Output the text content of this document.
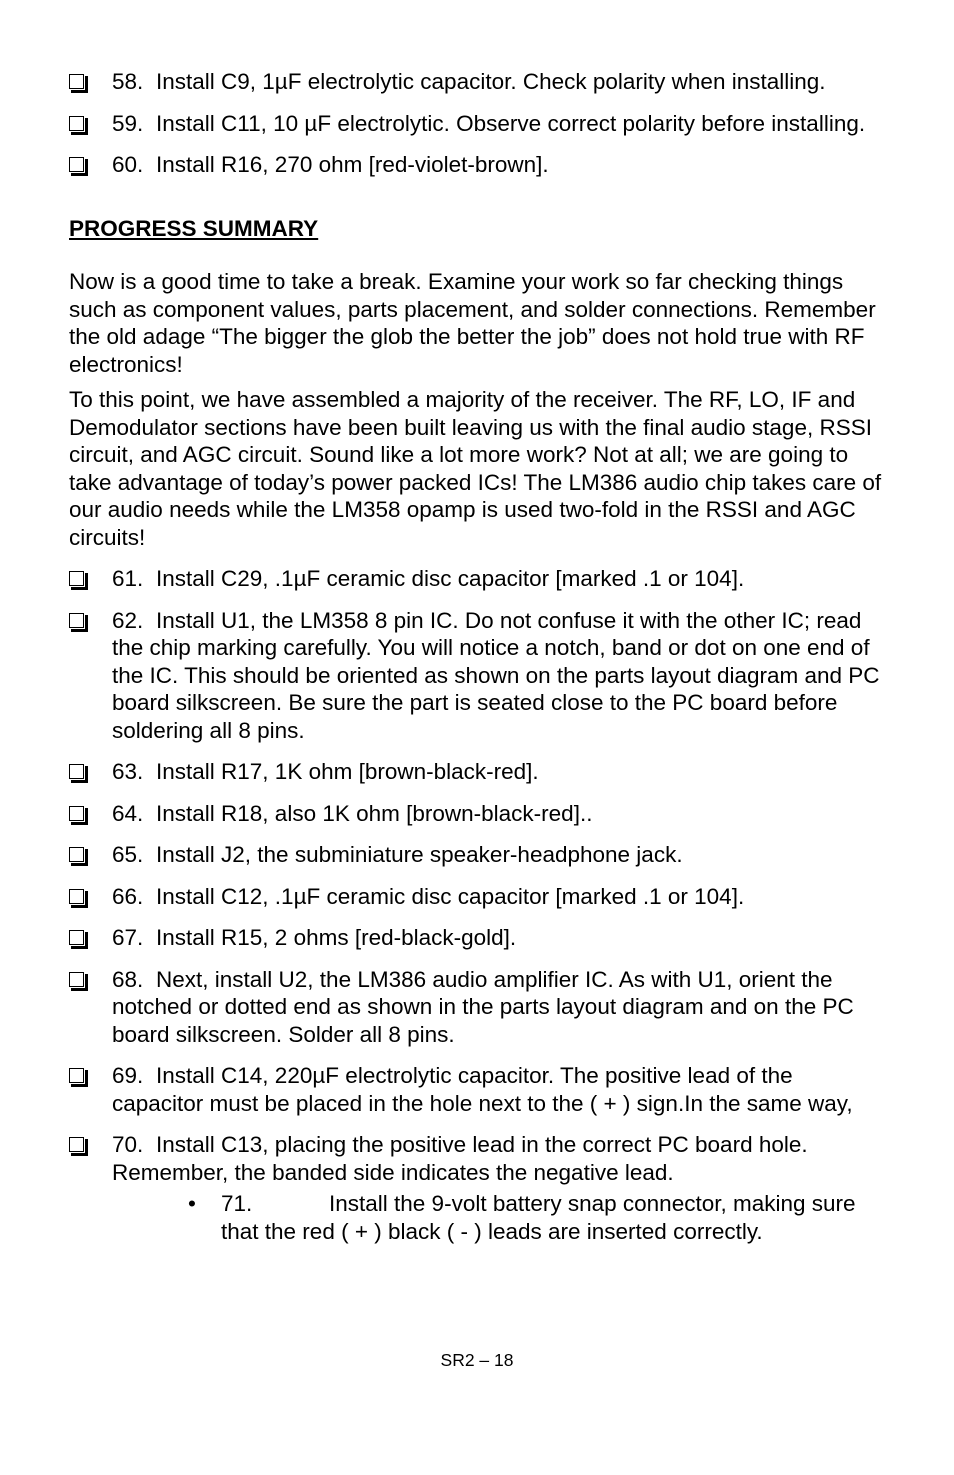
58. Install C9, 1µF electrolytic capacitor. Check polarity when installing.
59. Install C11, 10 µF electrolytic. Observe correct polarity before installing.
60. Install R16, 270 ohm [red-violet-brown].
PROGRESS SUMMARY
Now is a good time to take a break. Examine your work so far checking things such as component values, parts placement, and solder connections. Remember the old adage “The bigger the glob the better the job” does not hold true with RF electronics!
To this point, we have assembled a majority of the receiver. The RF, LO, IF and Demodulator sections have been built leaving us with the final audio stage, RSSI circuit, and AGC circuit. Sound like a lot more work? Not at all; we are going to take advantage of today’s power packed ICs! The LM386 audio chip takes care of our audio needs while the LM358 opamp is used two-fold in the RSSI and AGC circuits!
61. Install C29, .1µF ceramic disc capacitor [marked .1 or 104].
62. Install U1, the LM358 8 pin IC. Do not confuse it with the other IC; read the chip marking carefully. You will notice a notch, band or dot on one end of the IC. This should be oriented as shown on the parts layout diagram and PC board silkscreen. Be sure the part is seated close to the PC board before soldering all 8 pins.
63. Install R17, 1K ohm [brown-black-red].
64. Install R18, also 1K ohm [brown-black-red]..
65. Install J2, the subminiature speaker-headphone jack.
66. Install C12, .1µF ceramic disc capacitor [marked .1 or 104].
67. Install R15, 2 ohms [red-black-gold].
68. Next, install U2, the LM386 audio amplifier IC. As with U1, orient the notched or dotted end as shown in the parts layout diagram and on the PC board silkscreen. Solder all 8 pins.
69. Install C14, 220µF electrolytic capacitor. The positive lead of the capacitor must be placed in the hole next to the ( + ) sign.In the same way,
70. Install C13, placing the positive lead in the correct PC board hole. Remember, the banded side indicates the negative lead.
• 71.	Install the 9-volt battery snap connector, making sure that the red ( + ) black ( - ) leads are inserted correctly.
SR2 – 18
